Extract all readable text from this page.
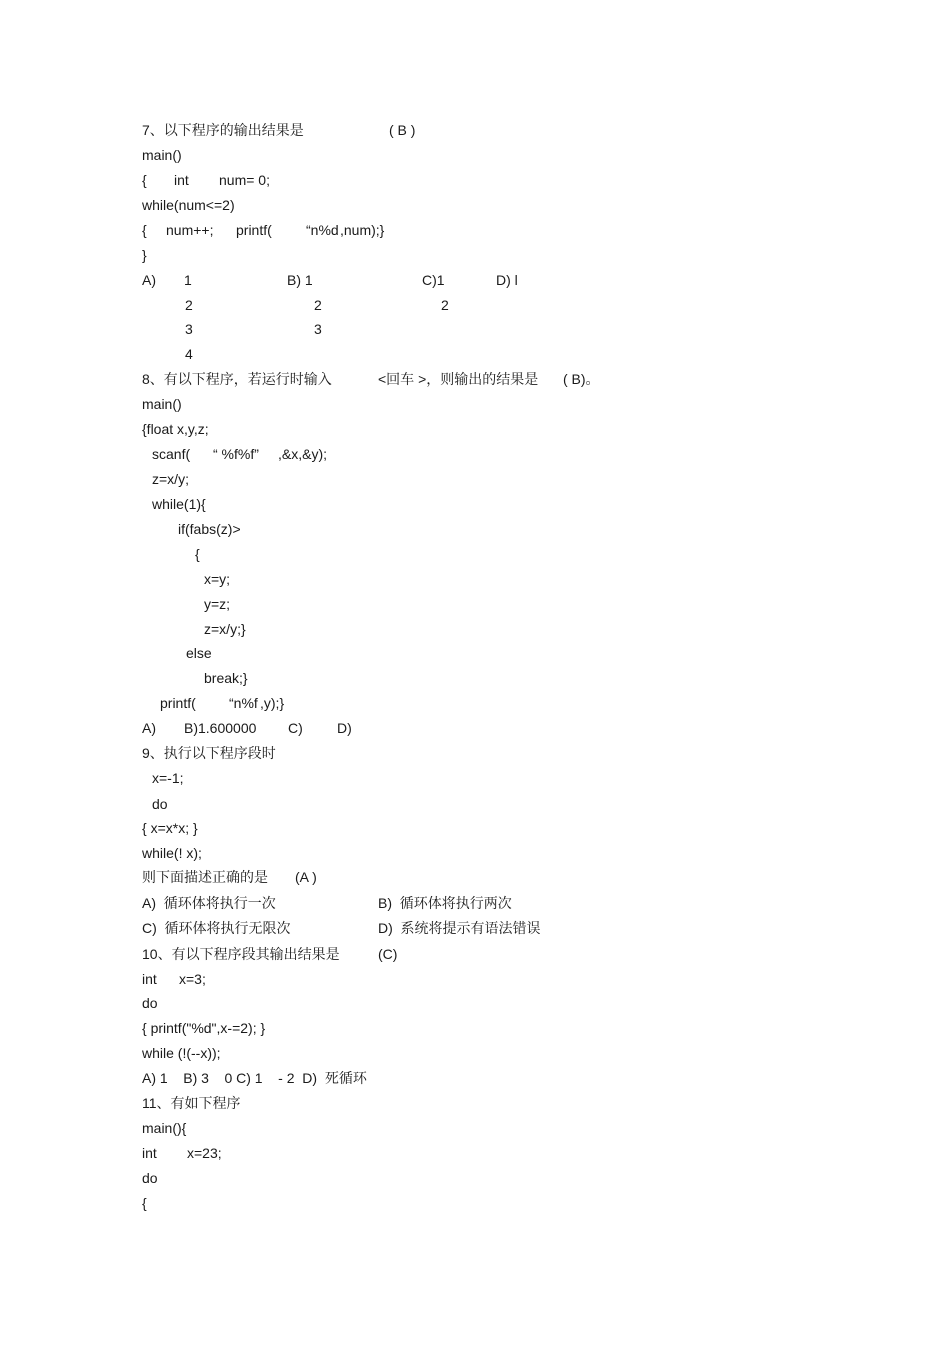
7、以下程序的输出结果是	( B )
main()
{ int num= 0;
while(num<=2)
{ num++; printf( “n%d ,num);}
}
A) 1	B) 1	C)1	D) l
2	2	2
3	3
4
8、有以下程序，若运行时输入	<回车 >，则输出的结果是 ( B)。
main()
{float x,y,z;
scanf( “ %f%f” ,&x,&y);
z=x/y;
while(1){
if(fabs(z)>
{
x=y;
y=z;
z=x/y;}
else
break;}
printf( “n%f ,y);}
A) B)1.600000 C) D)
9、执行以下程序段时
x=-1;
do
{ x=x*x; }
while(! x);
则下面描述正确的是 (A )
A)  循环体将执行一次	B)  循环体将执行两次
C)  循环体将执行无限次	D)  系统将提示有语法错误
10、有以下程序段其输出结果是	(C)
int x=3;
do
{ printf("%d",x-=2); }
while (!(--x));
A) 1    B) 3    0 C) 1    - 2  D)  死循环
11、有如下程序
main(){
int x=23;
do
{
